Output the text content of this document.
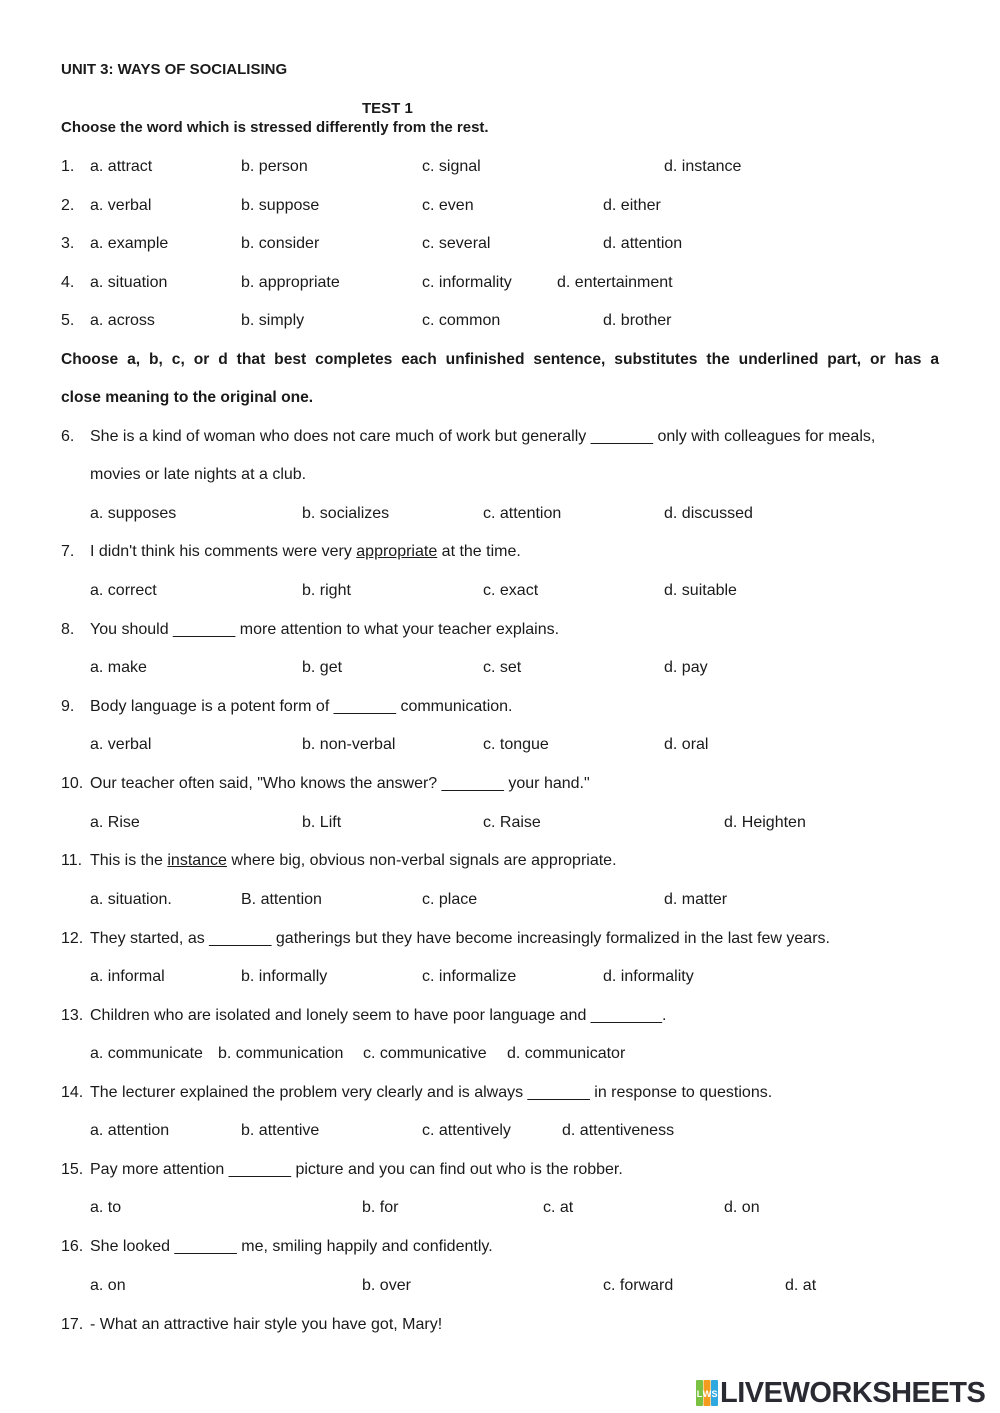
UNIT 3: WAYS OF SOCIALISING
TEST 1
Choose the word which is stressed differently from the rest.
1. a. attract	b. person	c. signal	d. instance
2. a. verbal	b. suppose	c. even	d. either
3. a. example	b. consider	c. several	d. attention
4. a. situation	b. appropriate	c. informality	d. entertainment
5. a. across	b. simply	c. common	d. brother
Choose a, b, c, or d that best completes each unfinished sentence, substitutes the underlined part, or has a
close meaning to the original one.
6. She is a kind of woman who does not care much of work but generally _______ only with colleagues for meals,
movies or late nights at a club.
a. supposes	b. socializes	c. attention	d. discussed
7. I didn't think his comments were very appropriate at the time.
a. correct	b. right	c. exact	d. suitable
8. You should _______ more attention to what your teacher explains.
a. make	b. get	c. set	d. pay
9. Body language is a potent form of _______ communication.
a. verbal	b. non-verbal	c. tongue	d. oral
10. Our teacher often said, "Who knows the answer? _______ your hand."
a. Rise	b. Lift	c. Raise	d. Heighten
11. This is the instance where big, obvious non-verbal signals are appropriate.
a. situation.	B. attention	c. place	d. matter
12. They started, as _______ gatherings but they have become increasingly formalized in the last few years.
a. informal	b. informally	c. informalize	d. informality
13. Children who are isolated and lonely seem to have poor language and ________.
a. communicate b. communication c. communicative d. communicator
14. The lecturer explained the problem very clearly and is always _______ in response to questions.
a. attention	b. attentive	c. attentively	d. attentiveness
15. Pay more attention _______ picture and you can find out who is the robber.
a. to	b. for	c. at	d. on
16. She looked _______ me, smiling happily and confidently.
a. on	b. over	c. forward	d. at
17. - What an attractive hair style you have got, Mary!
L W S LIVEWORKSHEETS
